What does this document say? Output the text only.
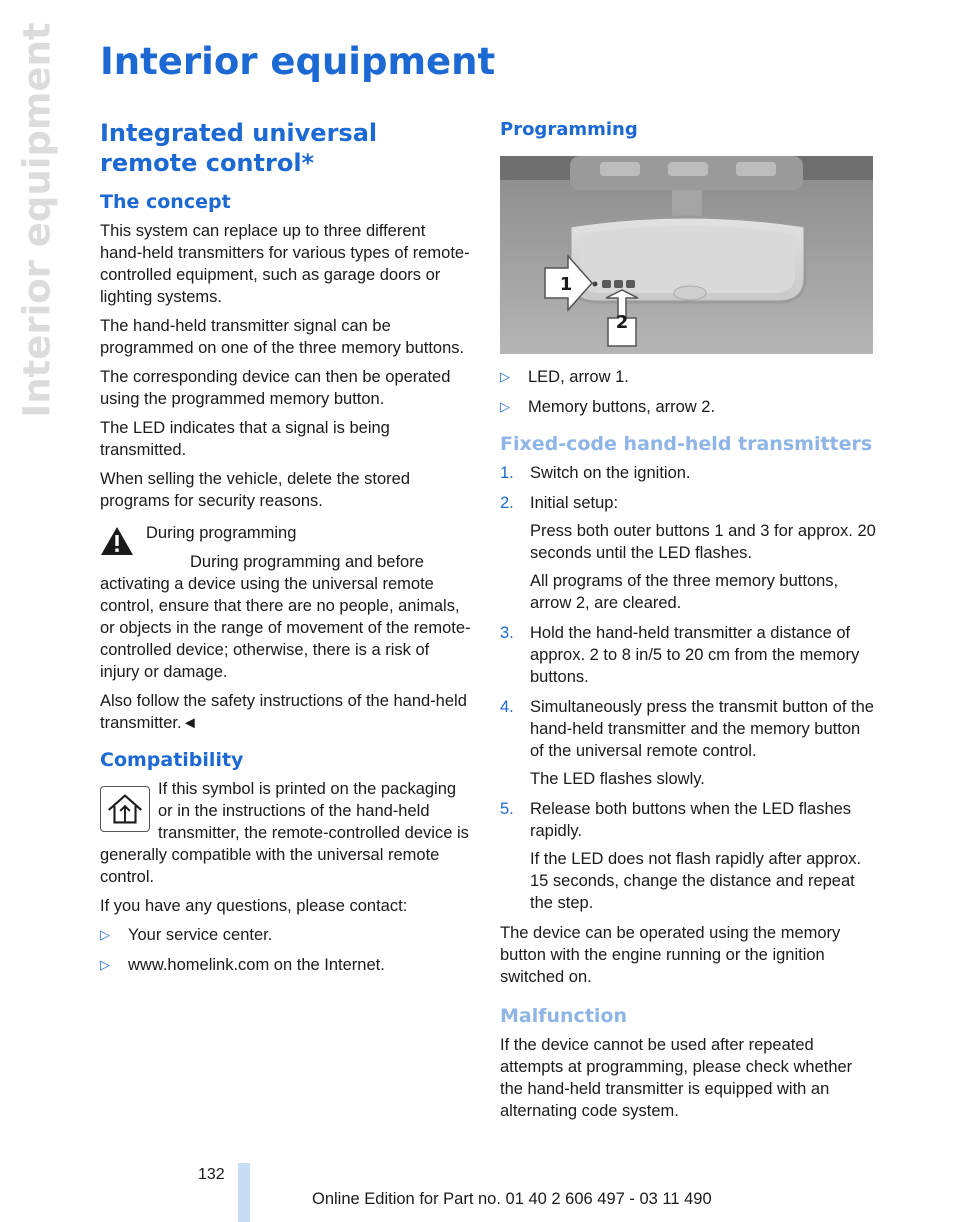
Interior equipment Interior equipment
Integrated universal remote control*
The concept

This system can replace up to three different hand-held transmitters for various types of remote-controlled equipment, such as garage doors or lighting systems.

The hand-held transmitter signal can be programmed on one of the three memory buttons.

The corresponding device can then be operated using the programmed memory button.

The LED indicates that a signal is being transmitted.

When selling the vehicle, delete the stored programs for security reasons.

During programming

During programming and before activating a device using the universal remote control, ensure that there are no people, animals, or objects in the range of movement of the remote-controlled device; otherwise, there is a risk of injury or damage.

Also follow the safety instructions of the hand-held transmitter.◄

Compatibility

If this symbol is printed on the packaging or in the instructions of the hand-held transmitter, the remote-controlled device is generally compatible with the universal remote control.

If you have any questions, please contact:

▷ Your service center.
▷ www.homelink.com on the Internet.
Programming
1
2
▷ LED, arrow 1.
▷ Memory buttons, arrow 2.
Fixed-code hand-held transmitters
1. Switch on the ignition.
2. Initial setup:

Press both outer buttons 1 and 3 for approx. 20 seconds until the LED flashes.

All programs of the three memory buttons, arrow 2, are cleared.

3. Hold the hand-held transmitter a distance of approx. 2 to 8 in/5 to 20 cm from the memory buttons.
4. Simultaneously press the transmit button of the hand-held transmitter and the memory button of the universal remote control.

The LED flashes slowly.

5. Release both buttons when the LED flashes rapidly.

If the LED does not flash rapidly after approx. 15 seconds, change the distance and repeat the step.

The device can be operated using the memory button with the engine running or the ignition switched on.

Malfunction

If the device cannot be used after repeated attempts at programming, please check whether the hand-held transmitter is equipped with an alternating code system.

132
Online Edition for Part no. 01 40 2 606 497 - 03 11 490
